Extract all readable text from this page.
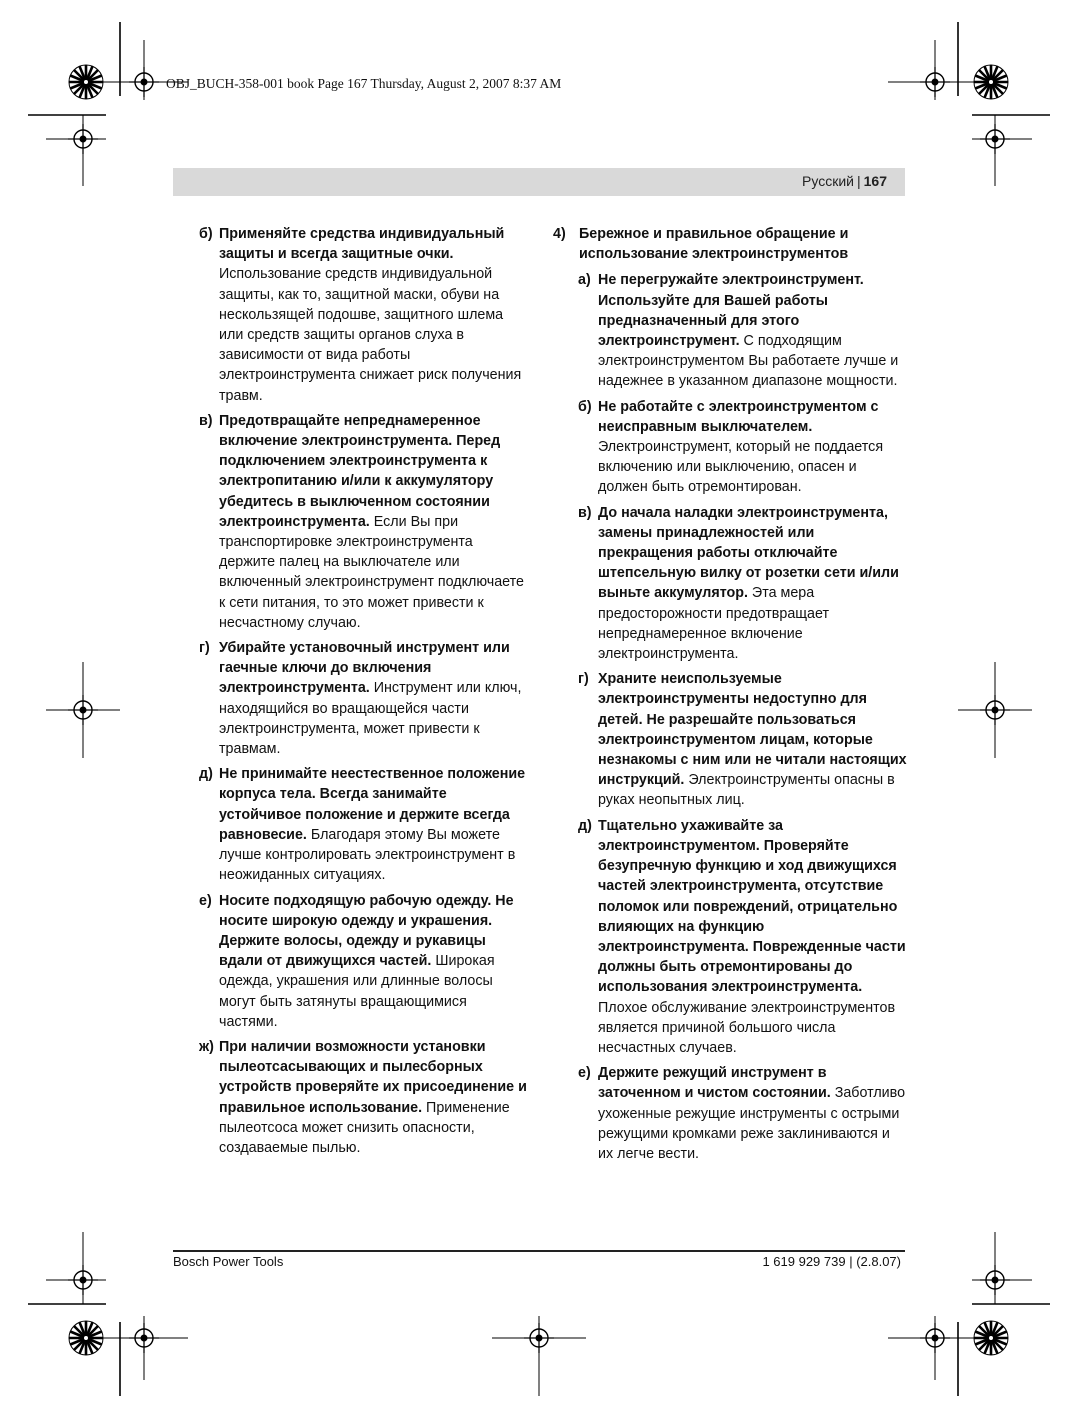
OBJ_BUCH-358-001 book Page 167 Thursday, August 2, 2007 8:37 AM
Русский | 167
б) Применяйте средства индивидуальный защиты и всегда защитные очки. Использование средств индивидуальной защиты, как то, защитной маски, обуви на нескользящей подошве, защитного шлема или средств защиты органов слуха в зависимости от вида работы электроинструмента снижает риск получения травм.
в) Предотвращайте непреднамеренное включение электроинструмента. Перед подключением электроинструмента к электропитанию и/или к аккумулятору убедитесь в выключенном состоянии электроинструмента. Если Вы при транспортировке электроинструмента держите палец на выключателе или включенный электроинструмент подключаете к сети питания, то это может привести к несчастному случаю.
г) Убирайте установочный инструмент или гаечные ключи до включения электроинструмента. Инструмент или ключ, находящийся во вращающейся части электроинструмента, может привести к травмам.
д) Не принимайте неестественное положение корпуса тела. Всегда занимайте устойчивое положение и держите всегда равновесие. Благодаря этому Вы можете лучше контролировать электроинструмент в неожиданных ситуациях.
е) Носите подходящую рабочую одежду. Не носите широкую одежду и украшения. Держите волосы, одежду и рукавицы вдали от движущихся частей. Широкая одежда, украшения или длинные волосы могут быть затянуты вращающимися частями.
ж) При наличии возможности установки пылеотсасывающих и пылесборных устройств проверяйте их присоединение и правильное использование. Применение пылеотсоса может снизить опасности, создаваемые пылью.
4) Бережное и правильное обращение и использование электроинструментов
а) Не перегружайте электроинструмент. Используйте для Вашей работы предназначенный для этого электроинструмент. С подходящим электроинструментом Вы работаете лучше и надежнее в указанном диапазоне мощности.
б) Не работайте с электроинструментом с неисправным выключателем. Электроинструмент, который не поддается включению или выключению, опасен и должен быть отремонтирован.
в) До начала наладки электроинструмента, замены принадлежностей или прекращения работы отключайте штепсельную вилку от розетки сети и/или выньте аккумулятор. Эта мера предосторожности предотвращает непреднамеренное включение электроинструмента.
г) Храните неиспользуемые электроинструменты недоступно для детей. Не разрешайте пользоваться электроинструментом лицам, которые незнакомы с ним или не читали настоящих инструкций. Электроинструменты опасны в руках неопытных лиц.
д) Тщательно ухаживайте за электроинструментом. Проверяйте безупречную функцию и ход движущихся частей электроинструмента, отсутствие поломок или повреждений, отрицательно влияющих на функцию электроинструмента. Поврежденные части должны быть отремонтированы до использования электроинструмента. Плохое обслуживание электроинструментов является причиной большого числа несчастных случаев.
е) Держите режущий инструмент в заточенном и чистом состоянии. Заботливо ухоженные режущие инструменты с острыми режущими кромками реже заклиниваются и их легче вести.
Bosch Power Tools	1 619 929 739 | (2.8.07)
